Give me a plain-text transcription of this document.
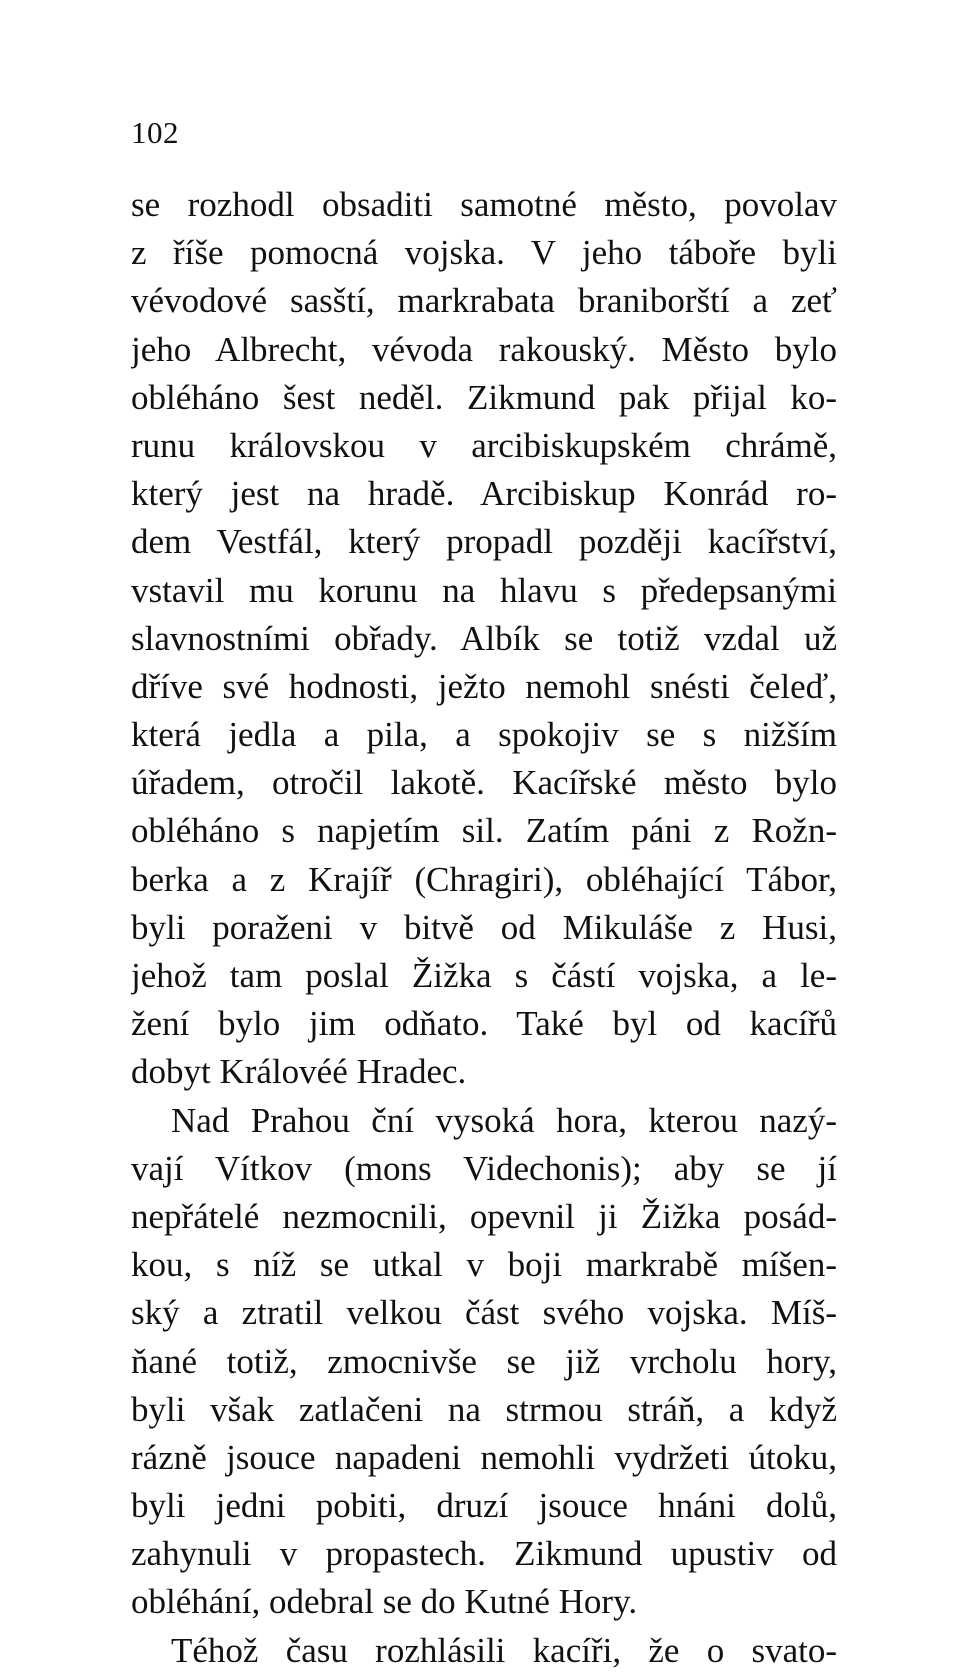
102
se rozhodl obsaditi samotné město, povolav
z říše pomocná vojska. V jeho táboře byli
vévodové sasští, markrabata braniborští a zeť
jeho Albrecht, vévoda rakouský. Město bylo
obléháno šest neděl. Zikmund pak přijal ko-
runu královskou v arcibiskupském chrámě,
který jest na hradě. Arcibiskup Konrád ro-
dem Vestfál, který propadl později kacířství,
vstavil mu korunu na hlavu s předepsanými
slavnostními obřady. Albík se totiž vzdal už
dříve své hodnosti, ježto nemohl snésti čeleď,
která jedla a pila, a spokojiv se s nižším
úřadem, otročil lakotě. Kacířské město bylo
obléháno s napjetím sil. Zatím páni z Rožn-
berka a z Krajíř (Chragiri), obléhající Tábor,
byli poraženi v bitvě od Mikuláše z Husi,
jehož tam poslal Žižka s částí vojska, a le-
žení bylo jim odňato. Také byl od kacířů
dobyt Královéé Hradec.
Nad Prahou ční vysoká hora, kterou nazý-
vají Vítkov (mons Videchonis); aby se jí
nepřátelé nezmocnili, opevnil ji Žižka posád-
kou, s níž se utkal v boji markrabě míšen-
ský a ztratil velkou část svého vojska. Míš-
ňané totiž, zmocnivše se již vrcholu hory,
byli však zatlačeni na strmou stráň, a když
rázně jsouce napadeni nemohli vydržeti útoku,
byli jedni pobiti, druzí jsouce hnáni dolů,
zahynuli v propastech. Zikmund upustiv od
obléhání, odebral se do Kutné Hory.
Téhož času rozhlásili kacíři, že o svato-
